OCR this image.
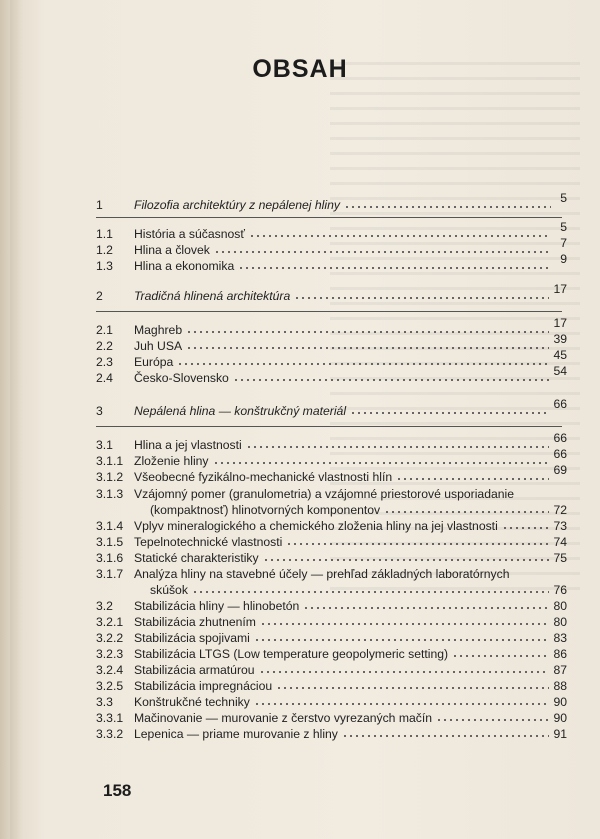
OBSAH
1	Filozofia architektúry z nepálenej hliny	5
1.1 História a súčasnosť	5
1.2 Hlina a človek	7
1.3 Hlina a ekonomika	9
2	Tradičná hlinená architektúra	17
2.1 Maghreb	17
2.2 Juh USA	39
2.3 Európa	45
2.4 Česko-Slovensko	54
3	Nepálená hlina — konštrukčný materiál	66
3.1 Hlina a jej vlastnosti	66
3.1.1 Zloženie hliny	66
3.1.2 Všeobecné fyzikálno-mechanické vlastnosti hlín	69
3.1.3 Vzájomný pomer (granulometria) a vzájomné priestorové usporiadanie
(kompaktnosť) hlinotvorných komponentov	72
3.1.4 Vplyv mineralogického a chemického zloženia hliny na jej vlastnosti	73
3.1.5 Tepelnotechnické vlastnosti	74
3.1.6 Statické charakteristiky	75
3.1.7 Analýza hliny na stavebné účely — prehľad základných laboratórnych
skúšok	76
3.2 Stabilizácia hliny — hlinobetón	80
3.2.1 Stabilizácia zhutnením	80
3.2.2 Stabilizácia spojivami	83
3.2.3 Stabilizácia LTGS (Low temperature geopolymeric setting)	86
3.2.4 Stabilizácia armatúrou	87
3.2.5 Stabilizácia impregnáciou	88
3.3 Konštrukčné techniky	90
3.3.1 Mačinovanie — murovanie z čerstvo vyrezaných mačín	90
3.3.2 Lepenica — priame murovanie z hliny	91
158
